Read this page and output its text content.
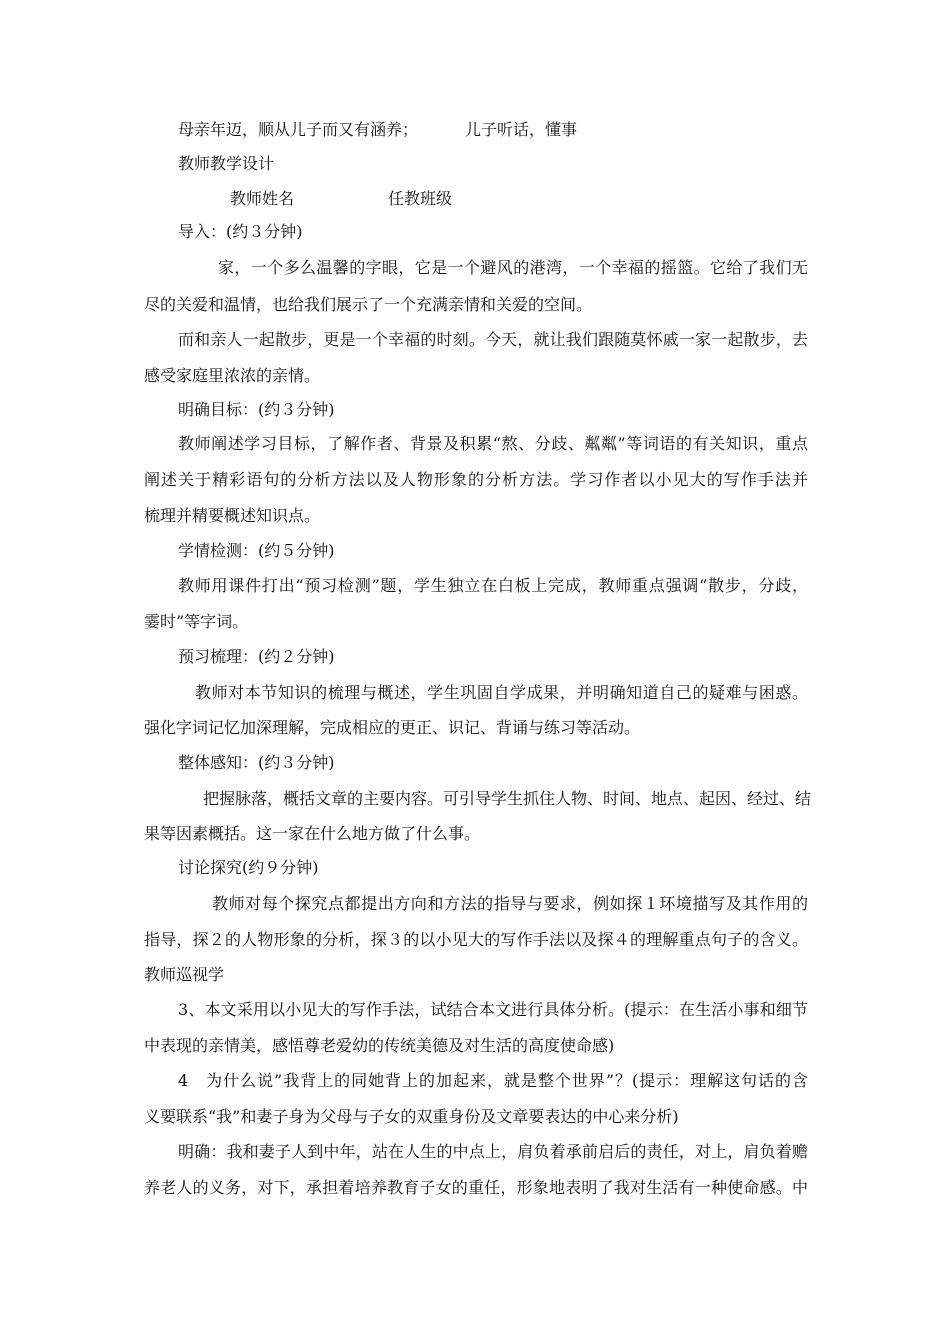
母亲年迈，顺从儿子而又有涵养；	儿子听话，懂事
教师教学设计
教师姓名	任教班级
导入：(约３分钟)
家，一个多么温馨的字眼，它是一个避风的港湾，一个幸福的摇篮。它给了我们无
尽的关爱和温情，也给我们展示了一个充满亲情和关爱的空间。
而和亲人一起散步，更是一个幸福的时刻。今天，就让我们跟随莫怀戚一家一起散步，去
感受家庭里浓浓的亲情。
明确目标：(约３分钟)
教师阐述学习目标，了解作者、背景及积累“熬、分歧、粼粼”等词语的有关知识，重点
阐述关于精彩语句的分析方法以及人物形象的分析方法。学习作者以小见大的写作手法并
梳理并精要概述知识点。
学情检测：(约５分钟)
教师用课件打出“预习检测”题，学生独立在白板上完成，教师重点强调“散步，分歧，
霎时”等字词。
预习梳理：(约２分钟)
教师对本节知识的梳理与概述，学生巩固自学成果，并明确知道自己的疑难与困惑。
强化字词记忆加深理解，完成相应的更正、识记、背诵与练习等活动。
整体感知：(约３分钟)
把握脉落，概括文章的主要内容。可引导学生抓住人物、时间、地点、起因、经过、结
果等因素概括。这一家在什么地方做了什么事。
讨论探究(约９分钟)
教师对每个探究点都提出方向和方法的指导与要求，例如探１环境描写及其作用的
指导，探２的人物形象的分析，探３的以小见大的写作手法以及探４的理解重点句子的含义。
教师巡视学
3、本文采用以小见大的写作手法，试结合本文进行具体分析。(提示：在生活小事和细节
中表现的亲情美，感悟尊老爱幼的传统美德及对生活的高度使命感)
4　为什么说”我背上的同她背上的加起来，就是整个世界”？(提示：理解这句话的含
义要联系“我”和妻子身为父母与子女的双重身份及文章要表达的中心来分析)
明确：我和妻子人到中年，站在人生的中点上，肩负着承前启后的责任，对上，肩负着赡
养老人的义务，对下，承担着培养教育子女的重任，形象地表明了我对生活有一种使命感。中
